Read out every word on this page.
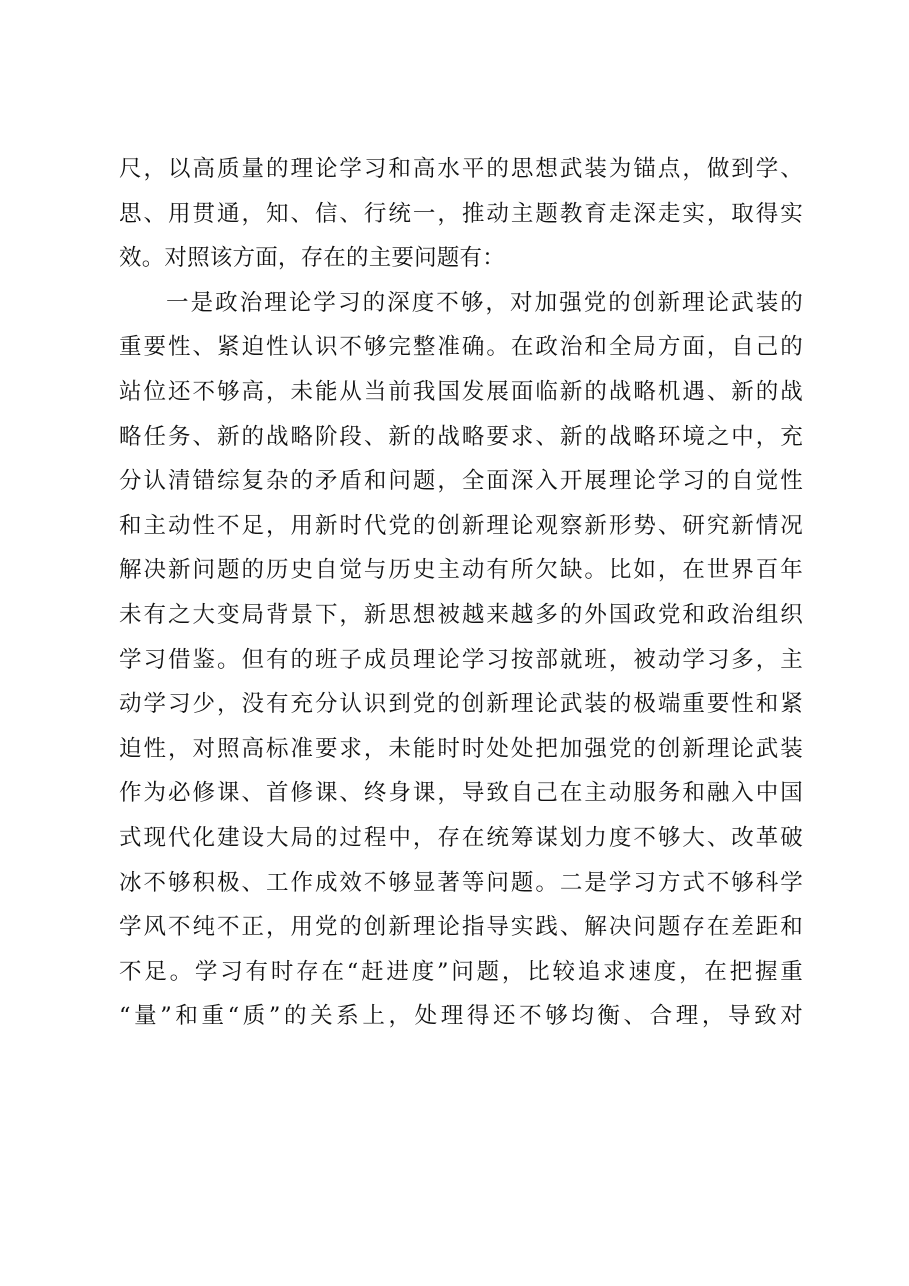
尺，以高质量的理论学习和高水平的思想武装为锚点，做到学、
思、用贯通，知、信、行统一，推动主题教育走深走实，取得实
效。对照该方面，存在的主要问题有：
一是政治理论学习的深度不够，对加强党的创新理论武装的
重要性、紧迫性认识不够完整准确。在政治和全局方面，自己的
站位还不够高，未能从当前我国发展面临新的战略机遇、新的战
略任务、新的战略阶段、新的战略要求、新的战略环境之中，充
分认清错综复杂的矛盾和问题，全面深入开展理论学习的自觉性
和主动性不足，用新时代党的创新理论观察新形势、研究新情况
解决新问题的历史自觉与历史主动有所欠缺。比如，在世界百年
未有之大变局背景下，新思想被越来越多的外国政党和政治组织
学习借鉴。但有的班子成员理论学习按部就班，被动学习多，主
动学习少，没有充分认识到党的创新理论武装的极端重要性和紧
迫性，对照高标准要求，未能时时处处把加强党的创新理论武装
作为必修课、首修课、终身课，导致自己在主动服务和融入中国
式现代化建设大局的过程中，存在统筹谋划力度不够大、改革破
冰不够积极、工作成效不够显著等问题。二是学习方式不够科学
学风不纯不正，用党的创新理论指导实践、解决问题存在差距和
不足。学习有时存在“赶进度”问题，比较追求速度，在把握重
“量”和重“质”的关系上，处理得还不够均衡、合理，导致对
